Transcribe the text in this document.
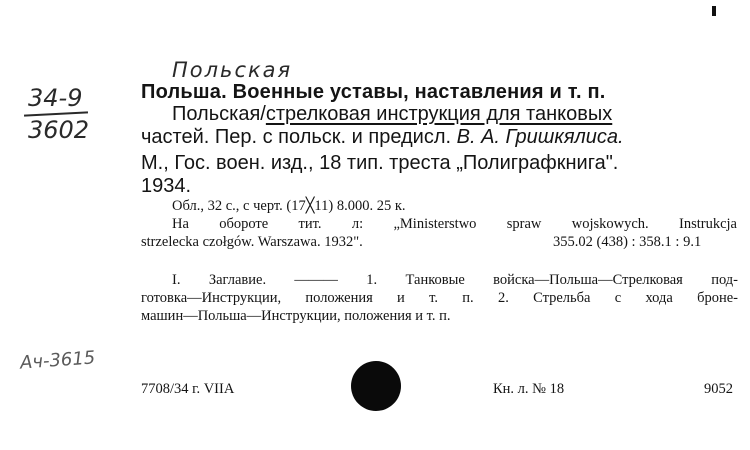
Польская
34-9
3602
Польша. Военные уставы, наставления и т. п.
Польская/стрелковая инструкция для танковых
частей. Пер. с польск. и предисл. В. А. Гришкялиса.
М., Гос. воен. изд., 18 тип. треста „Полиграфкнига".
1934.
Обл., 32 с., с черт. (17╳11) 8.000. 25 к.
На обороте тит. л: „Ministerstwo spraw wojskowych. Instrukcja
strzelecka czołgów. Warszawa. 1932".	355.02 (438) : 358.1 : 9.1
I. Заглавие. ——— 1. Танковые войска—Польша—Стрелковая под-
готовка—Инструкции, положения и т. п. 2. Стрельба с хода броне-
машин—Польша—Инструкции, положения и т. п.
Ач-3615
7708/34 г. VIIA	Кн. л. № 18	9052
